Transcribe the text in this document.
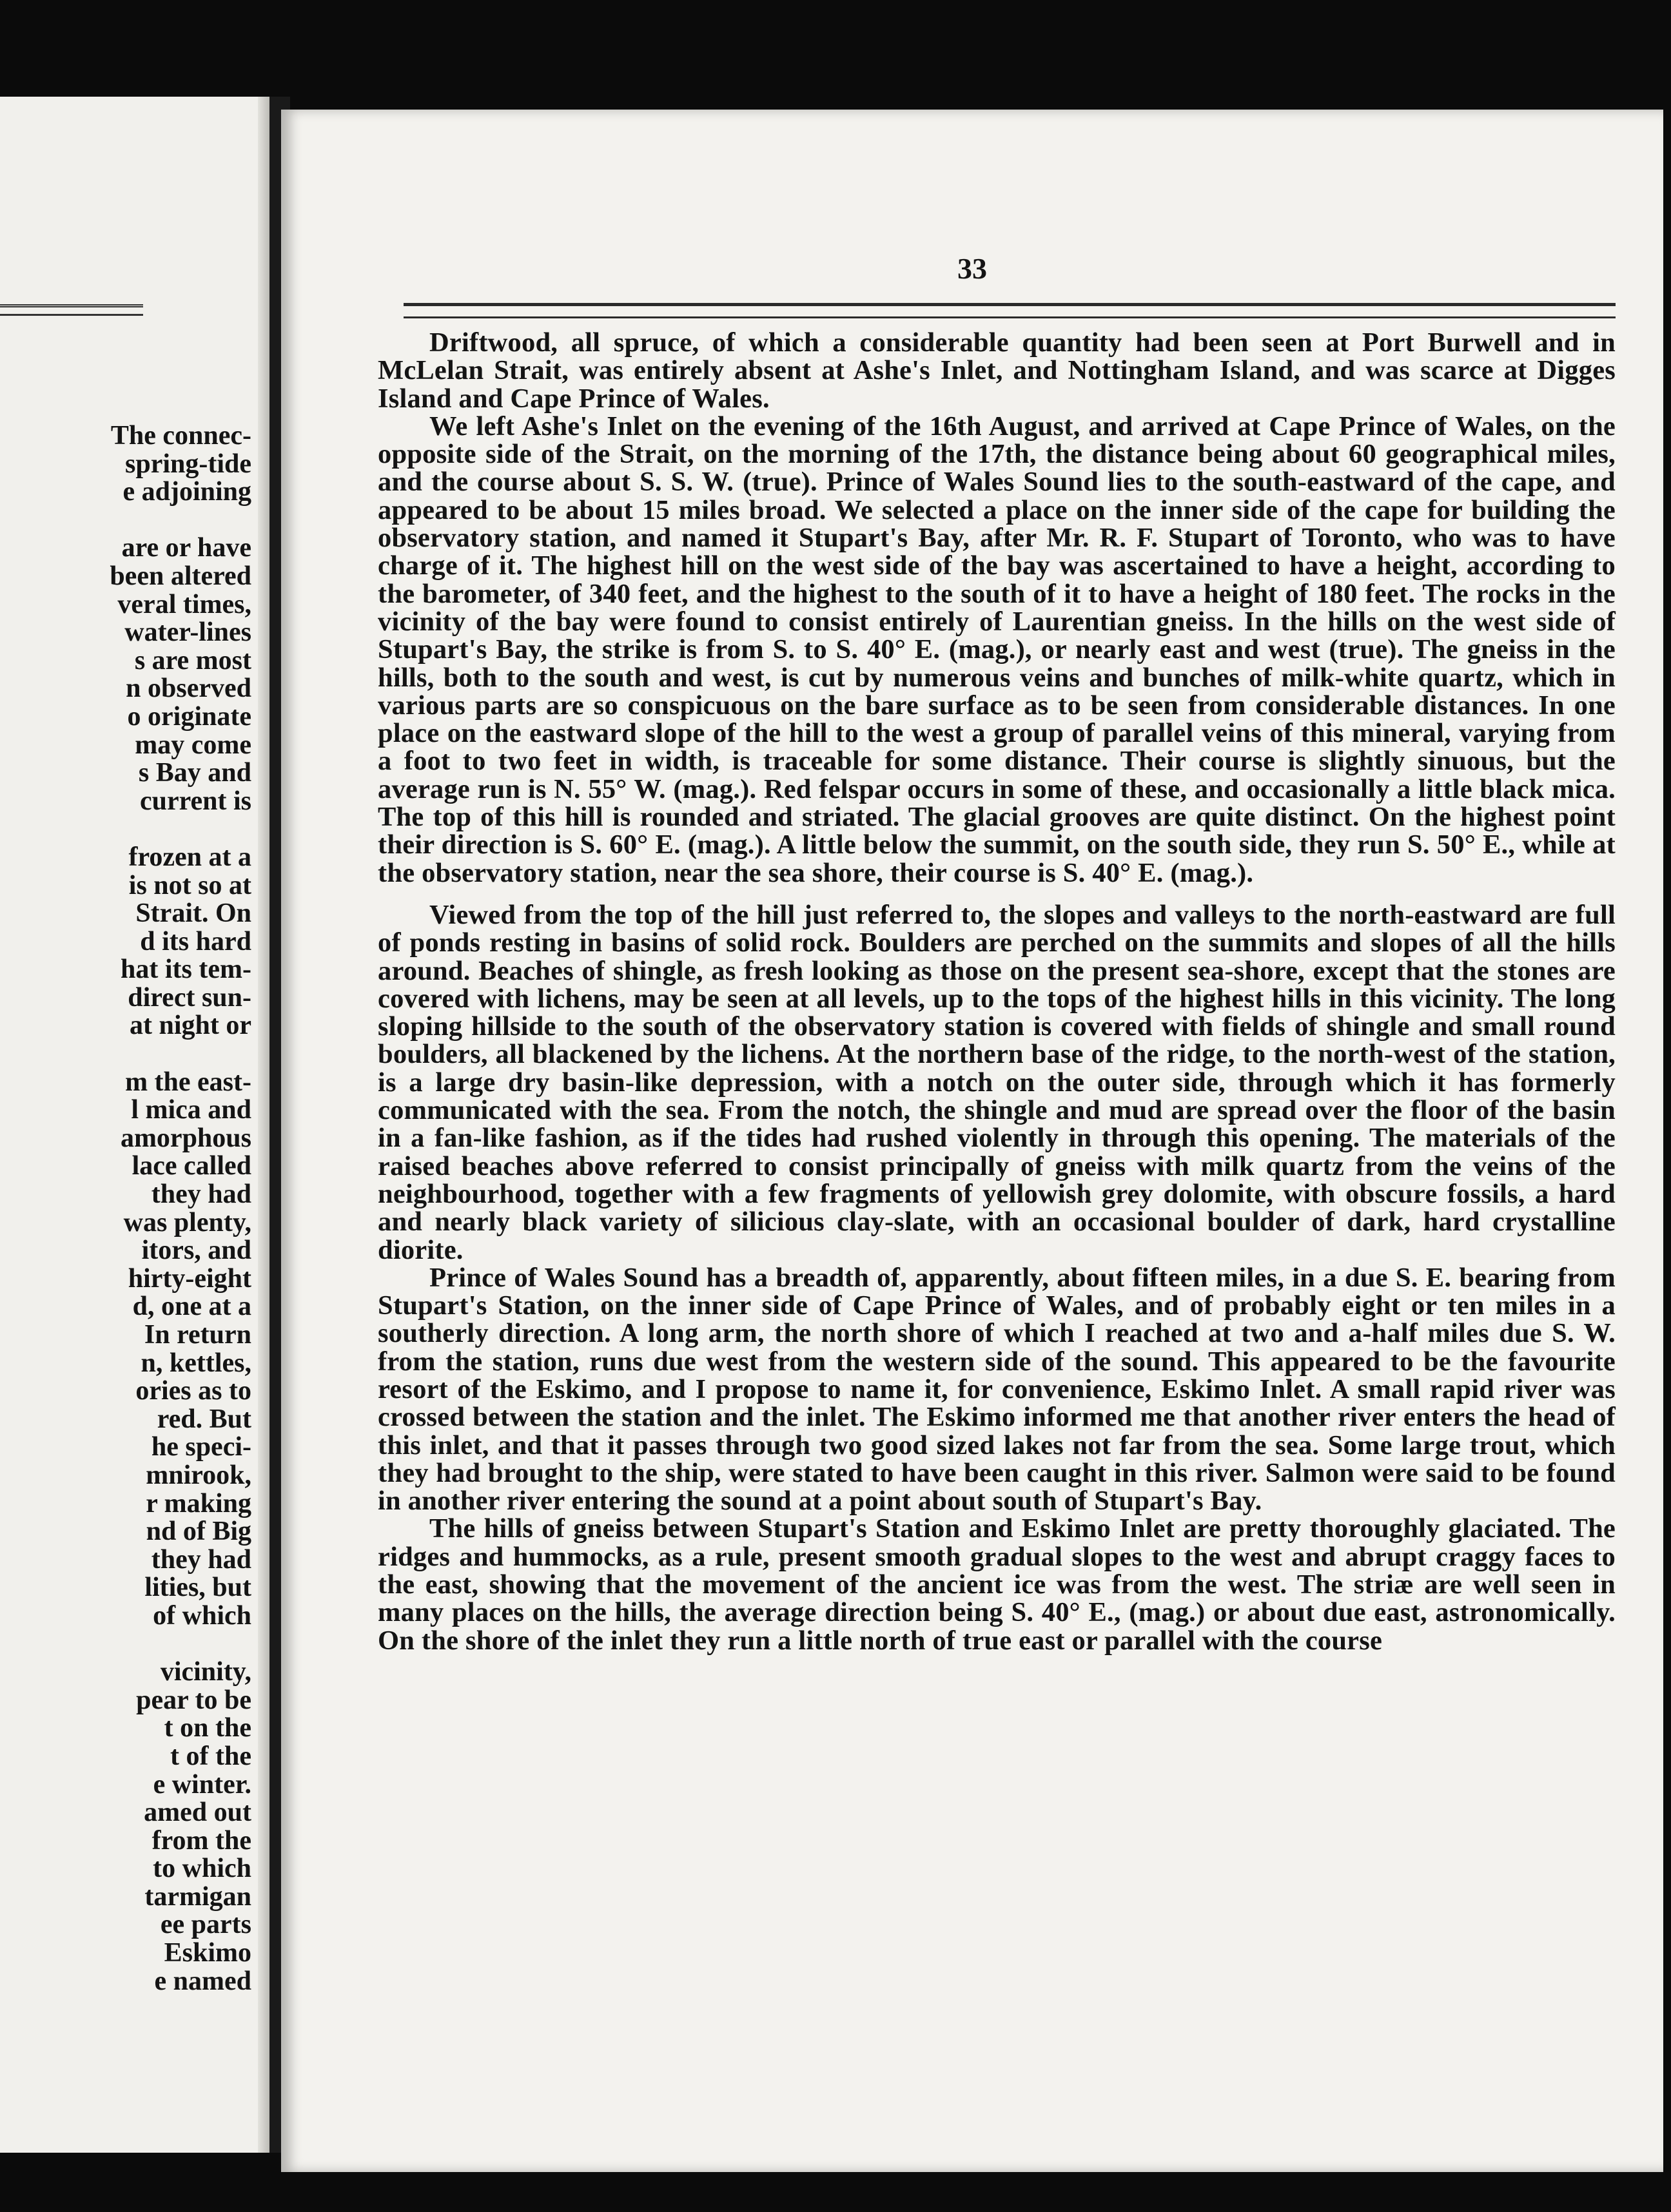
The connec-
spring-tide
e adjoining
are or have
been altered
veral times,
water-lines
s are most
n observed
o originate
may come
s Bay and
current is
frozen at a
is not so at
Strait. On
d its hard
hat its tem-
direct sun-
at night or
m the east-
l mica and
amorphous
lace called
they had
was plenty,
itors, and
hirty-eight
d, one at a
In return
n, kettles,
ories as to
red. But
he speci-
mnirook,
r making
nd of Big
they had
lities, but
of which
vicinity,
pear to be
t on the
t of the
e winter.
amed out
from the
to which
tarmigan
ee parts
Eskimo
e named
33

Driftwood, all spruce, of which a considerable quantity had been seen at Port Burwell and in McLelan Strait, was entirely absent at Ashe's Inlet, and Nottingham Island, and was scarce at Digges Island and Cape Prince of Wales.

We left Ashe's Inlet on the evening of the 16th August, and arrived at Cape Prince of Wales, on the opposite side of the Strait, on the morning of the 17th, the distance being about 60 geographical miles, and the course about S. S. W. (true). Prince of Wales Sound lies to the south-eastward of the cape, and appeared to be about 15 miles broad. We selected a place on the inner side of the cape for building the observatory station, and named it Stupart's Bay, after Mr. R. F. Stupart of Toronto, who was to have charge of it. The highest hill on the west side of the bay was ascertained to have a height, according to the barometer, of 340 feet, and the highest to the south of it to have a height of 180 feet. The rocks in the vicinity of the bay were found to consist entirely of Laurentian gneiss. In the hills on the west side of Stupart's Bay, the strike is from S. to S. 40° E. (mag.), or nearly east and west (true). The gneiss in the hills, both to the south and west, is cut by numerous veins and bunches of milk-white quartz, which in various parts are so conspicuous on the bare surface as to be seen from considerable distances. In one place on the eastward slope of the hill to the west a group of parallel veins of this mineral, varying from a foot to two feet in width, is traceable for some distance. Their course is slightly sinuous, but the average run is N. 55° W. (mag.). Red felspar occurs in some of these, and occasionally a little black mica. The top of this hill is rounded and striated. The glacial grooves are quite distinct. On the highest point their direction is S. 60° E. (mag.). A little below the summit, on the south side, they run S. 50° E., while at the observatory station, near the sea shore, their course is S. 40° E. (mag.).

Viewed from the top of the hill just referred to, the slopes and valleys to the north-eastward are full of ponds resting in basins of solid rock. Boulders are perched on the summits and slopes of all the hills around. Beaches of shingle, as fresh looking as those on the present sea-shore, except that the stones are covered with lichens, may be seen at all levels, up to the tops of the highest hills in this vicinity. The long sloping hillside to the south of the observatory station is covered with fields of shingle and small round boulders, all blackened by the lichens. At the northern base of the ridge, to the north-west of the station, is a large dry basin-like depression, with a notch on the outer side, through which it has formerly communicated with the sea. From the notch, the shingle and mud are spread over the floor of the basin in a fan-like fashion, as if the tides had rushed violently in through this opening. The materials of the raised beaches above referred to consist principally of gneiss with milk quartz from the veins of the neighbourhood, together with a few fragments of yellowish grey dolomite, with obscure fossils, a hard and nearly black variety of silicious clay-slate, with an occasional boulder of dark, hard crystalline diorite.

Prince of Wales Sound has a breadth of, apparently, about fifteen miles, in a due S. E. bearing from Stupart's Station, on the inner side of Cape Prince of Wales, and of probably eight or ten miles in a southerly direction. A long arm, the north shore of which I reached at two and a-half miles due S. W. from the station, runs due west from the western side of the sound. This appeared to be the favourite resort of the Eskimo, and I propose to name it, for convenience, Eskimo Inlet. A small rapid river was crossed between the station and the inlet. The Eskimo informed me that another river enters the head of this inlet, and that it passes through two good sized lakes not far from the sea. Some large trout, which they had brought to the ship, were stated to have been caught in this river. Salmon were said to be found in another river entering the sound at a point about south of Stupart's Bay.

The hills of gneiss between Stupart's Station and Eskimo Inlet are pretty thoroughly glaciated. The ridges and hummocks, as a rule, present smooth gradual slopes to the west and abrupt craggy faces to the east, showing that the movement of the ancient ice was from the west. The striæ are well seen in many places on the hills, the average direction being S. 40° E., (mag.) or about due east, astronomically. On the shore of the inlet they run a little north of true east or parallel with the course
